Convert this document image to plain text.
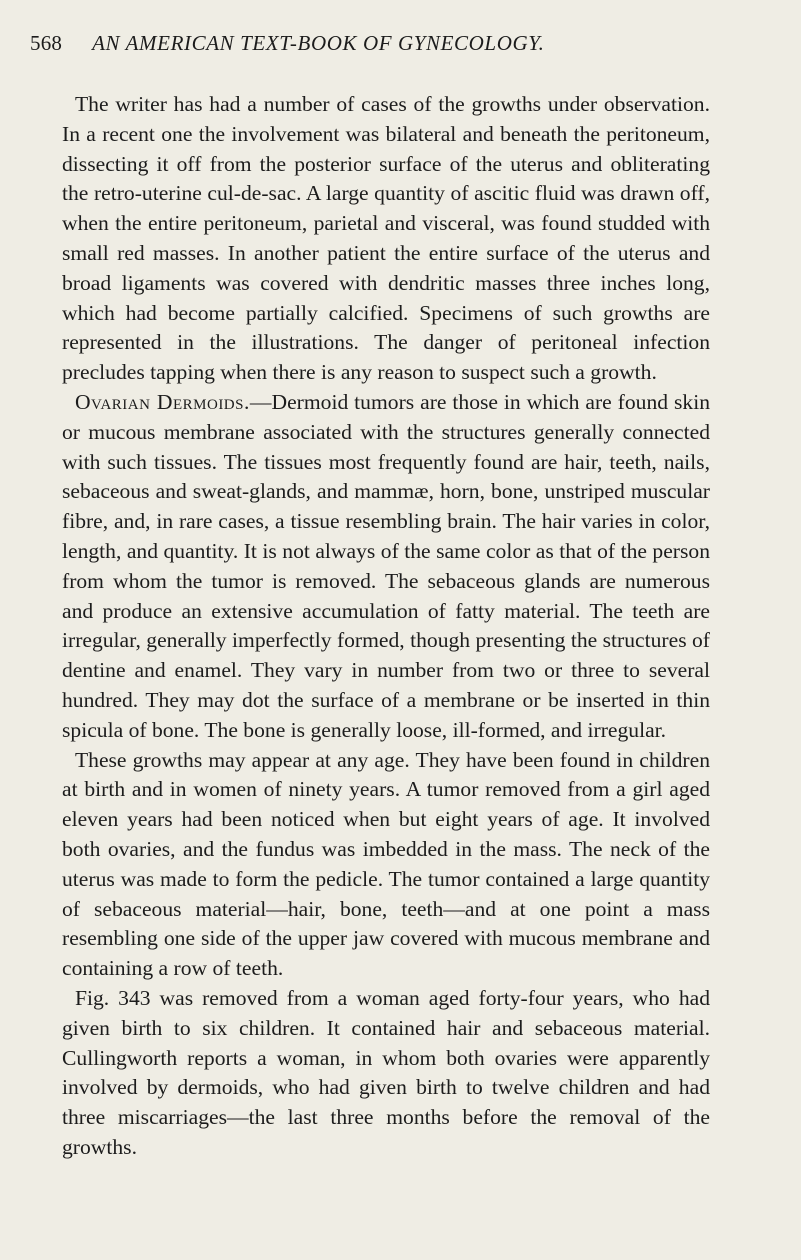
568 AN AMERICAN TEXT-BOOK OF GYNECOLOGY.

The writer has had a number of cases of the growths under observation. In a recent one the involvement was bilateral and beneath the peritoneum, dissecting it off from the posterior surface of the uterus and obliterating the retro-uterine cul-de-sac. A large quantity of ascitic fluid was drawn off, when the entire peritoneum, parietal and visceral, was found studded with small red masses. In another patient the entire surface of the uterus and broad ligaments was covered with dendritic masses three inches long, which had become partially calcified. Specimens of such growths are represented in the illustrations. The danger of peritoneal infection precludes tapping when there is any reason to suspect such a growth.

Ovarian Dermoids.—Dermoid tumors are those in which are found skin or mucous membrane associated with the structures generally connected with such tissues. The tissues most frequently found are hair, teeth, nails, sebaceous and sweat-glands, and mammæ, horn, bone, unstriped muscular fibre, and, in rare cases, a tissue resembling brain. The hair varies in color, length, and quantity. It is not always of the same color as that of the person from whom the tumor is removed. The sebaceous glands are numerous and produce an extensive accumulation of fatty material. The teeth are irregular, generally imperfectly formed, though presenting the structures of dentine and enamel. They vary in number from two or three to several hundred. They may dot the surface of a membrane or be inserted in thin spicula of bone. The bone is generally loose, ill-formed, and irregular.

These growths may appear at any age. They have been found in children at birth and in women of ninety years. A tumor removed from a girl aged eleven years had been noticed when but eight years of age. It involved both ovaries, and the fundus was imbedded in the mass. The neck of the uterus was made to form the pedicle. The tumor contained a large quantity of sebaceous material—hair, bone, teeth—and at one point a mass resembling one side of the upper jaw covered with mucous membrane and containing a row of teeth.

Fig. 343 was removed from a woman aged forty-four years, who had given birth to six children. It contained hair and sebaceous material. Cullingworth reports a woman, in whom both ovaries were apparently involved by dermoids, who had given birth to twelve children and had three miscarriages—the last three months before the removal of the growths.
